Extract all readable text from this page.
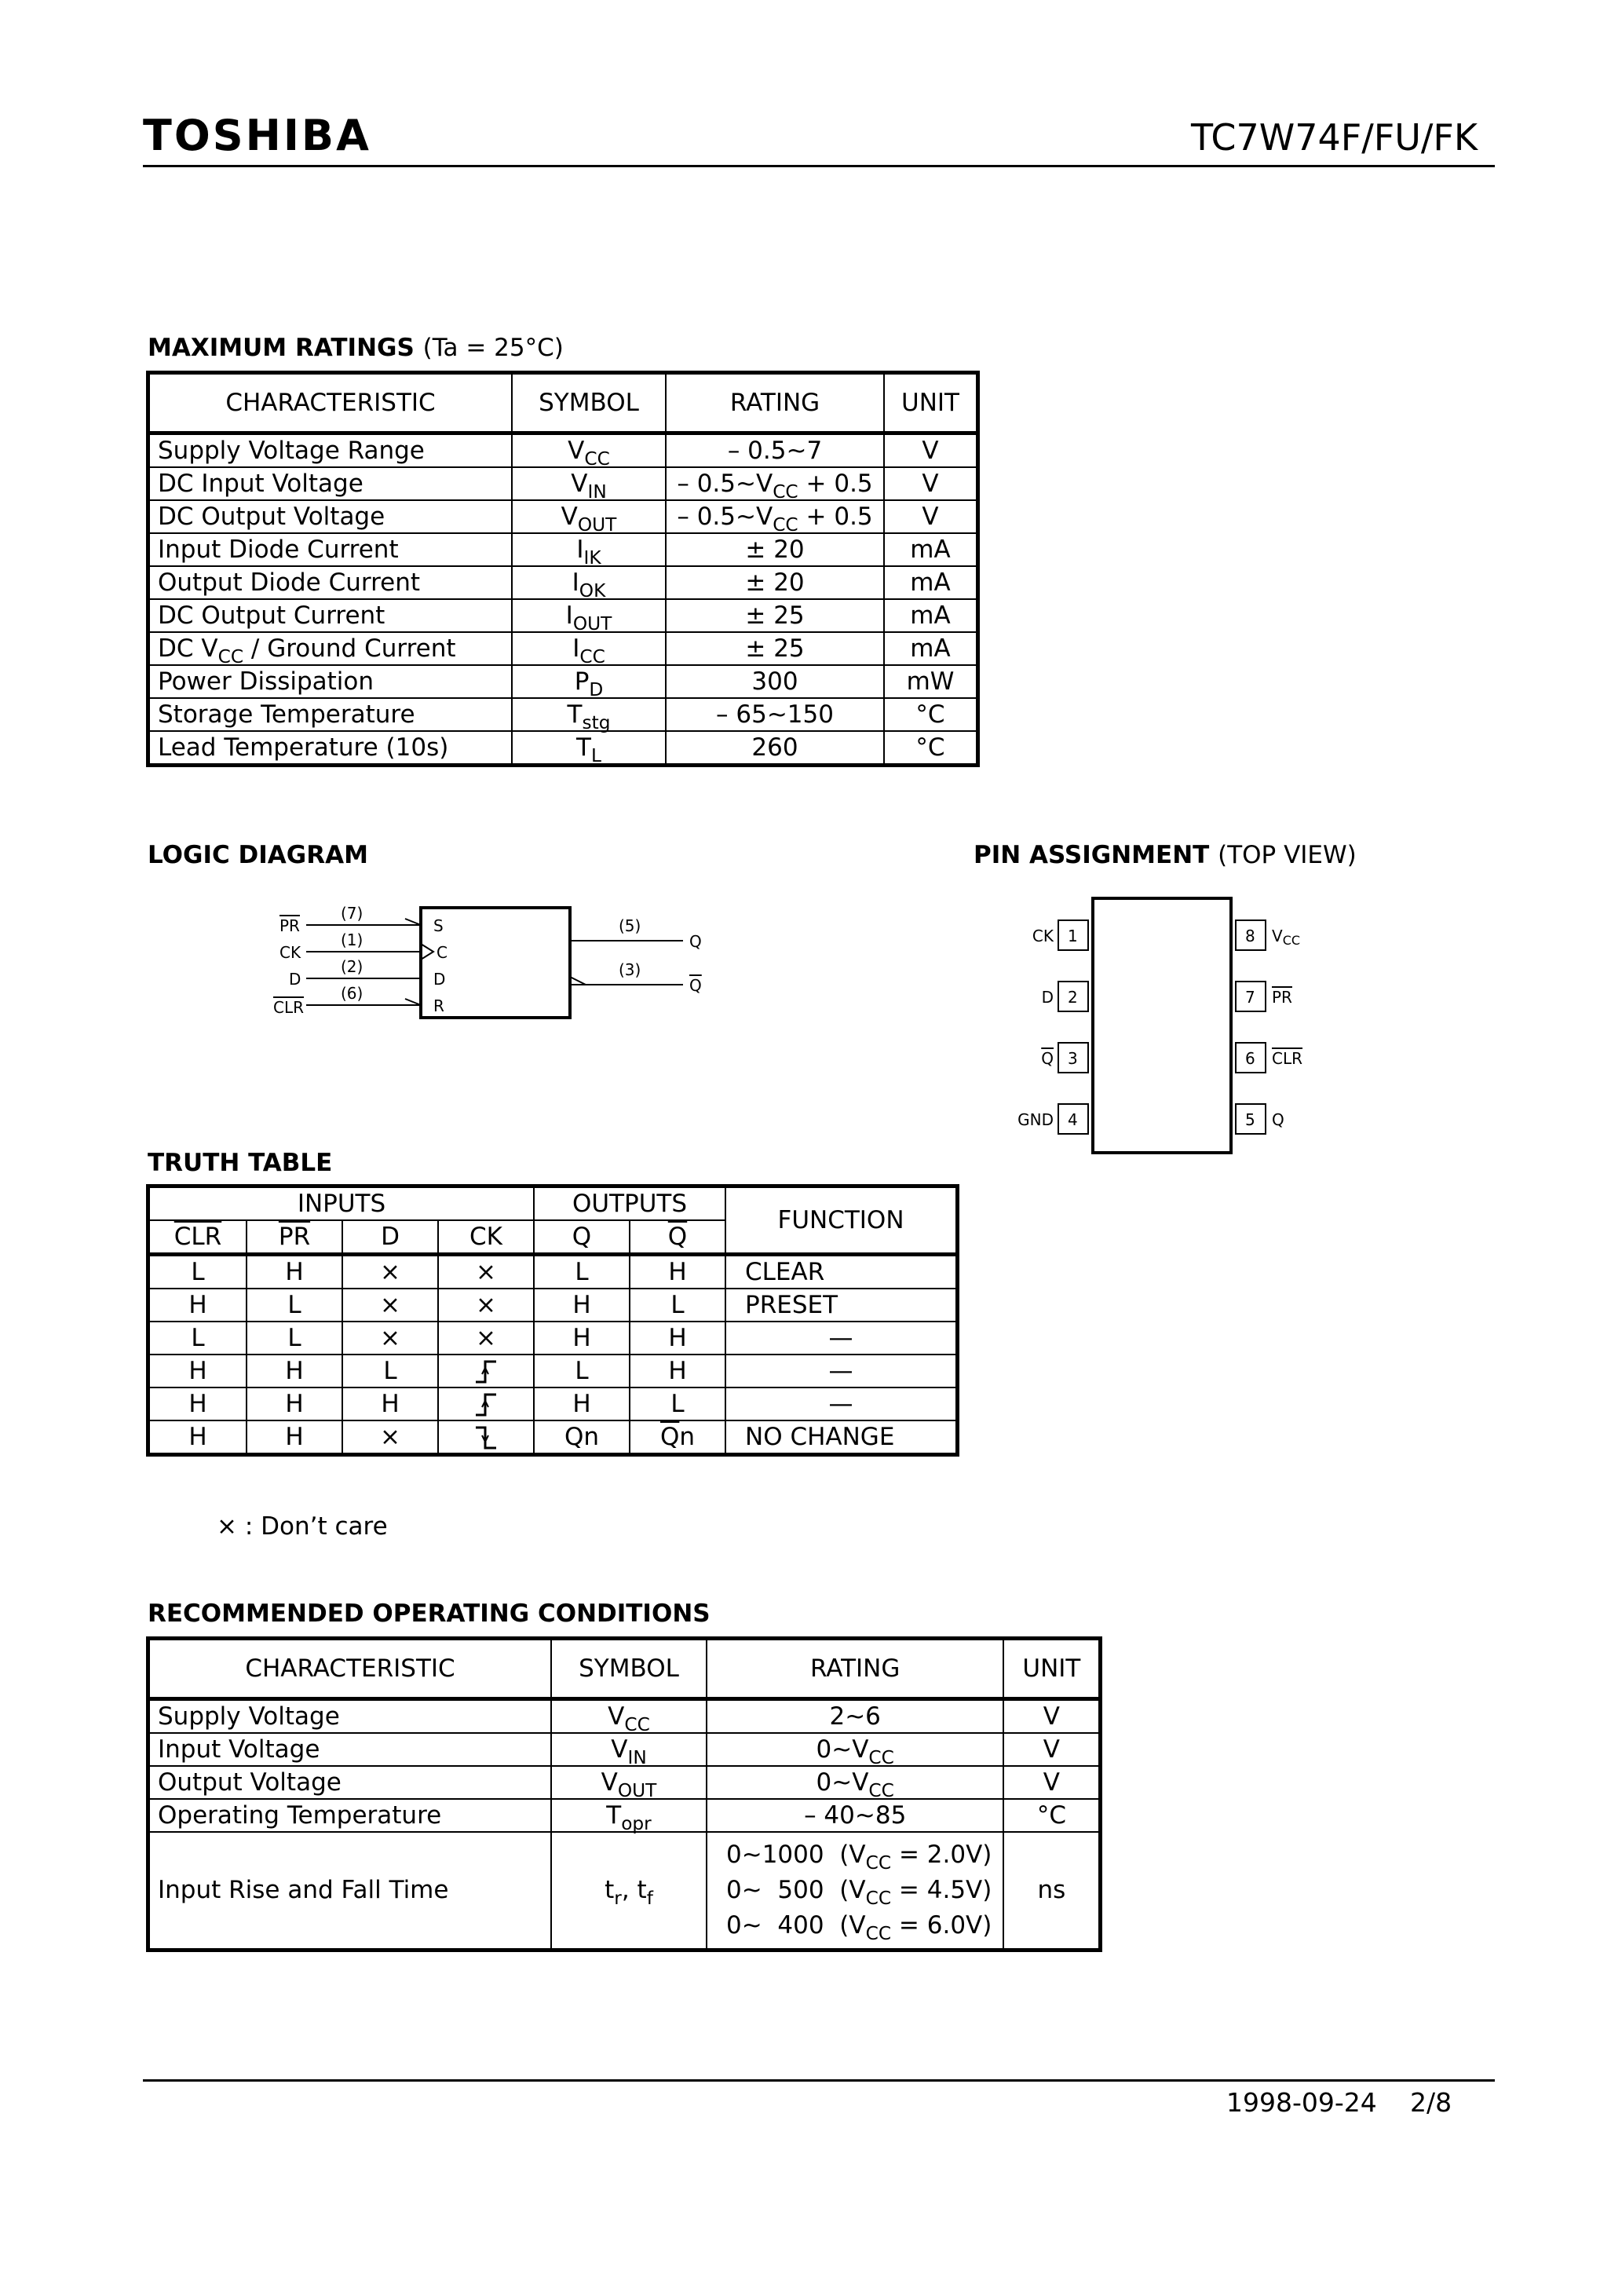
TOSHIBA	TC7W74F/FU/FK
MAXIMUM RATINGS (Ta = 25°C)
CHARACTERISTIC	SYMBOL	RATING	UNIT
Supply Voltage Range	$V_{CC}$	– 0.5~7	V
DC Input Voltage	$V_{IN}$	– $0.5\sim V_{CC} + 0.5$	V
DC Output Voltage	$V_{OUT}$	– $0.5\sim V_{CC} + 0.5$	V
Input Diode Current	$I_{IK}$	± 20	mA
Output Diode Current	$I_{OK}$	± 20	mA
DC Output Current	$I_{OUT}$	± 25	mA
DC $V_{CC}$ / Ground Current	$I_{CC}$	± 25	mA
Power Dissipation	$P_D$	300	mW
Storage Temperature	$T_{stg}$	– 65~150	°C
Lead Temperature (10s)	$T_L$	260	°C
LOGIC DIAGRAM
PR
CK
D
CLR
(7)
(1)
(2)
(6)
S
C
D
R
(5)
(3)
Q
Q
PIN ASSIGNMENT (TOP VIEW)
1
2
3
4
8
7
6
5
CK
D
Q
GND
$V_{CC}$
PR
CLR
Q
TRUTH TABLE
INPUTS				OUTPUTS		FUNCTION
$\overline{CLR}$	$\overline{PR}$	D	CK	Q	$\overline{Q}$
L	H	×	×	L	H	CLEAR
H	L	×	×	H	L	PRESET
L	L	×	×	H	H	—
H	H	L		L	H	—
H	H	H		H	L	—
H	H	×		Qn	$\overline{Q}n$	NO CHANGE
× : Don’t care
RECOMMENDED OPERATING CONDITIONS
CHARACTERISTIC	SYMBOL	RATING	UNIT
Supply Voltage	$V_{CC}$	2~6	V
Input Voltage	$V_{IN}$	$0\sim V_{CC}$	V
Output Voltage	$V_{OUT}$	$0\sim V_{CC}$	V
Operating Temperature	$T_{opr}$	– 40~85	°C
Input Rise and Fall Time	$t_r$, $t_f$	0~1000  $(V_{CC} = 2.0V)$
0~  500  $(V_{CC} = 4.5V)$
0~  400  $(V_{CC} = 6.0V)$	ns
1998-09-24 2/8
